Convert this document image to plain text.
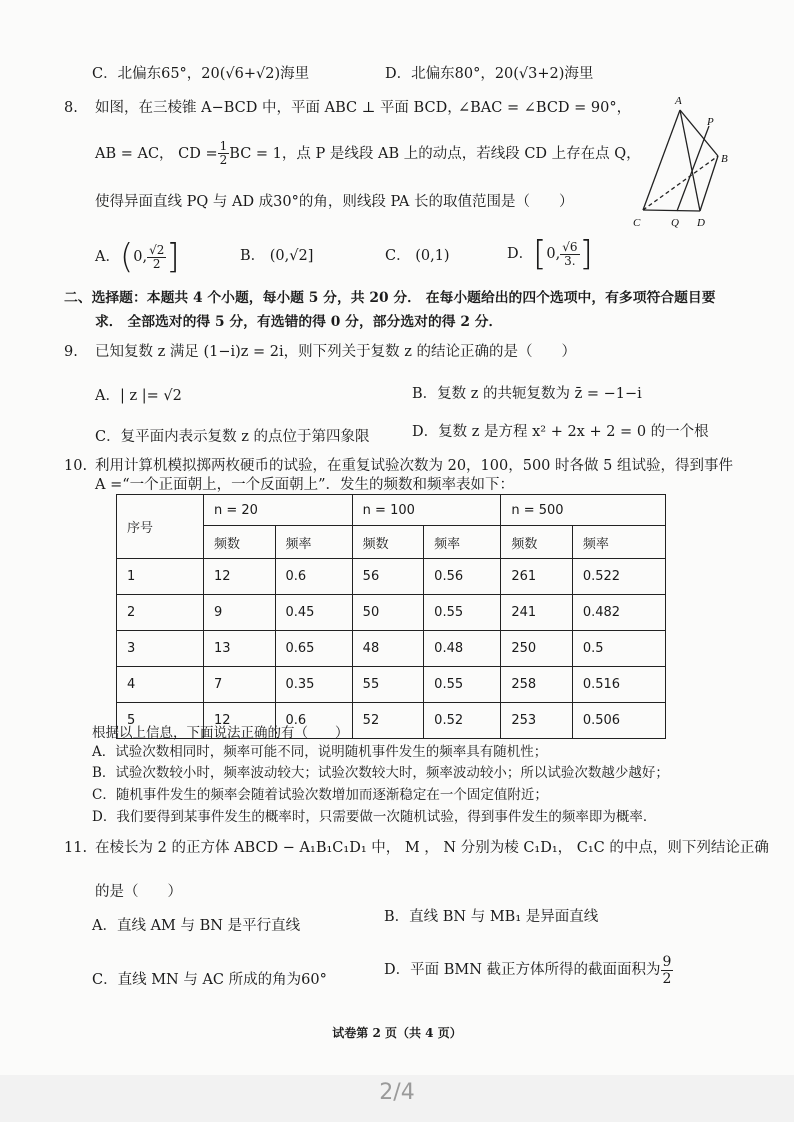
C．北偏东65°，20(√6+√2)海里	D．北偏东80°，20(√3+2)海里
8. 如图，在三棱锥 A−BCD 中，平面 ABC ⊥ 平面 BCD，
∠BAC = ∠BCD = 90°，
AB = AC， CD = $\frac{1}{2}$ BC = 1，点 P 是线段 AB 上的动点，若线段 CD 上存在点 Q，
使得异面直线 PQ 与 AD 成30°的角，则线段 PA 长的取值范围是（　　）
A
P
B
C	Q D
A． ( 0, $\frac{√2}{2}$ ]	B． (0,√2]	C． (0,1)	D． [ 0, $\frac{√6}{3.}$ ]
二、选择题：本题共 4 个小题，每小题 5 分，共 20 分． 在每小题给出的四个选项中，有多项符合题目要
求． 全部选对的得 5 分，有选错的得 0 分，部分选对的得 2 分．
9. 已知复数 z 满足 (1−i)z = 2i，则下列关于复数 z 的结论正确的是（　　）
A．| z |= √2	B．复数 z 的共轭复数为 z̄ = −1−i
C．复平面内表示复数 z 的点位于第四象限	D．复数 z 是方程 x² + 2x + 2 = 0 的一个根
10. 利用计算机模拟掷两枚硬币的试验，在重复试验次数为 20，100，500 时各做 5 组试验，得到事件
A =“一个正面朝上，一个反面朝上”．发生的频数和频率表如下：
序号	n = 20		n = 100		n = 500	
	频数	频率	频数	频率	频数	频率
1	12	0.6	56	0.56	261	0.522
2	9	0.45	50	0.55	241	0.482
3	13	0.65	48	0.48	250	0.5
4	7	0.35	55	0.55	258	0.516
5	12	0.6	52	0.52	253	0.506
根据以上信息，下面说法正确的有（　　）
A．试验次数相同时，频率可能不同，说明随机事件发生的频率具有随机性；
B．试验次数较小时，频率波动较大；试验次数较大时，频率波动较小；所以试验次数越少越好；
C．随机事件发生的频率会随着试验次数增加而逐渐稳定在一个固定值附近；
D．我们要得到某事件发生的概率时，只需要做一次随机试验，得到事件发生的频率即为概率．
11. 在棱长为 2 的正方体 ABCD − A₁B₁C₁D₁ 中， M ， N 分别为棱 C₁D₁， C₁C 的中点，则下列结论正确
的是（　　）
A．直线 AM 与 BN 是平行直线
B．直线 BN 与 MB₁ 是异面直线
C．直线 MN 与 AC 所成的角为60°
D．平面 BMN 截正方体所得的截面面积为 $\frac{9}{2}$
试卷第 2 页（共 4 页）
2/4
